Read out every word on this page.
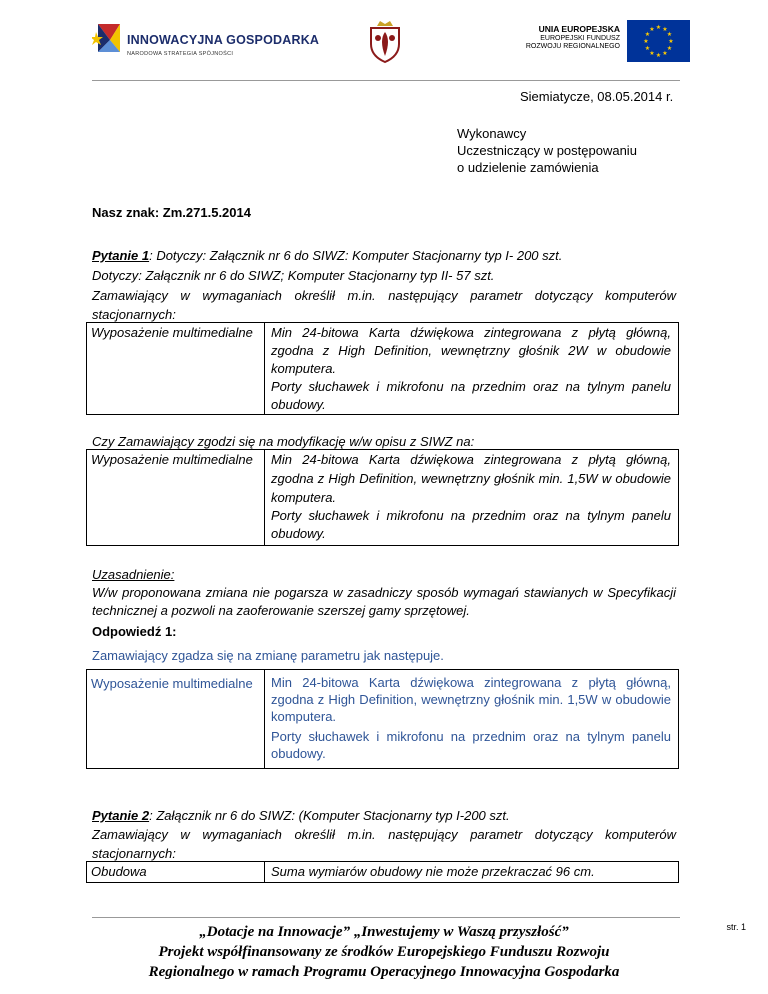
INNOWACYJNA GOSPODARKA
NARODOWA STRATEGIA SPÓJNOŚCI
UNIA EUROPEJSKA
EUROPEJSKI FUNDUSZ
ROZWOJU REGIONALNEGO
★ ★
★
★
★
★
★
★
★
★
★
★
Siemiatycze, 08.05.2014 r.
Wykonawcy
Uczestniczący w postępowaniu
o udzielenie zamówienia
Nasz znak: Zm.271.5.2014
Pytanie 1: Dotyczy: Załącznik nr 6 do SIWZ: Komputer Stacjonarny typ I- 200 szt.
Dotyczy: Załącznik nr 6 do SIWZ; Komputer Stacjonarny typ II- 57 szt.
Zamawiający w wymaganiach określił m.in. następujący parametr dotyczący komputerów
stacjonarnych:
Wyposażenie multimedialne Min 24-bitowa Karta dźwiękowa zintegrowana z płytą główną,
zgodna z High Definition, wewnętrzny głośnik 2W w obudowie
komputera.
Porty słuchawek i mikrofonu na przednim oraz na tylnym panelu
obudowy.
Czy Zamawiający zgodzi się na modyfikację w/w opisu z SIWZ na:
Wyposażenie multimedialne Min 24-bitowa Karta dźwiękowa zintegrowana z płytą główną,
zgodna z High Definition, wewnętrzny głośnik min. 1,5W w obudowie
komputera.
Porty słuchawek i mikrofonu na przednim oraz na tylnym panelu
obudowy.
Uzasadnienie:
W/w proponowana zmiana nie pogarsza w zasadniczy sposób wymagań stawianych w Specyfikacji
technicznej a pozwoli na zaoferowanie szerszej gamy sprzętowej.
Odpowiedź 1:
Zamawiający zgadza się na zmianę parametru jak następuje.
Wyposażenie multimedialne Min 24-bitowa Karta dźwiękowa zintegrowana z płytą główną,
zgodna z High Definition, wewnętrzny głośnik min. 1,5W w obudowie
komputera.
Porty słuchawek i mikrofonu na przednim oraz na tylnym panelu
obudowy.
Pytanie 2: Załącznik nr 6 do SIWZ: (Komputer Stacjonarny typ I-200 szt.
Zamawiający w wymaganiach określił m.in. następujący parametr dotyczący komputerów
stacjonarnych:
Obudowa	Suma wymiarów obudowy nie może przekraczać 96 cm.
„Dotacje na Innowacje” „Inwestujemy w Waszą przyszłość”
Projekt współfinansowany ze środków Europejskiego Funduszu Rozwoju
Regionalnego w ramach Programu Operacyjnego Innowacyjna Gospodarka
str. 1
